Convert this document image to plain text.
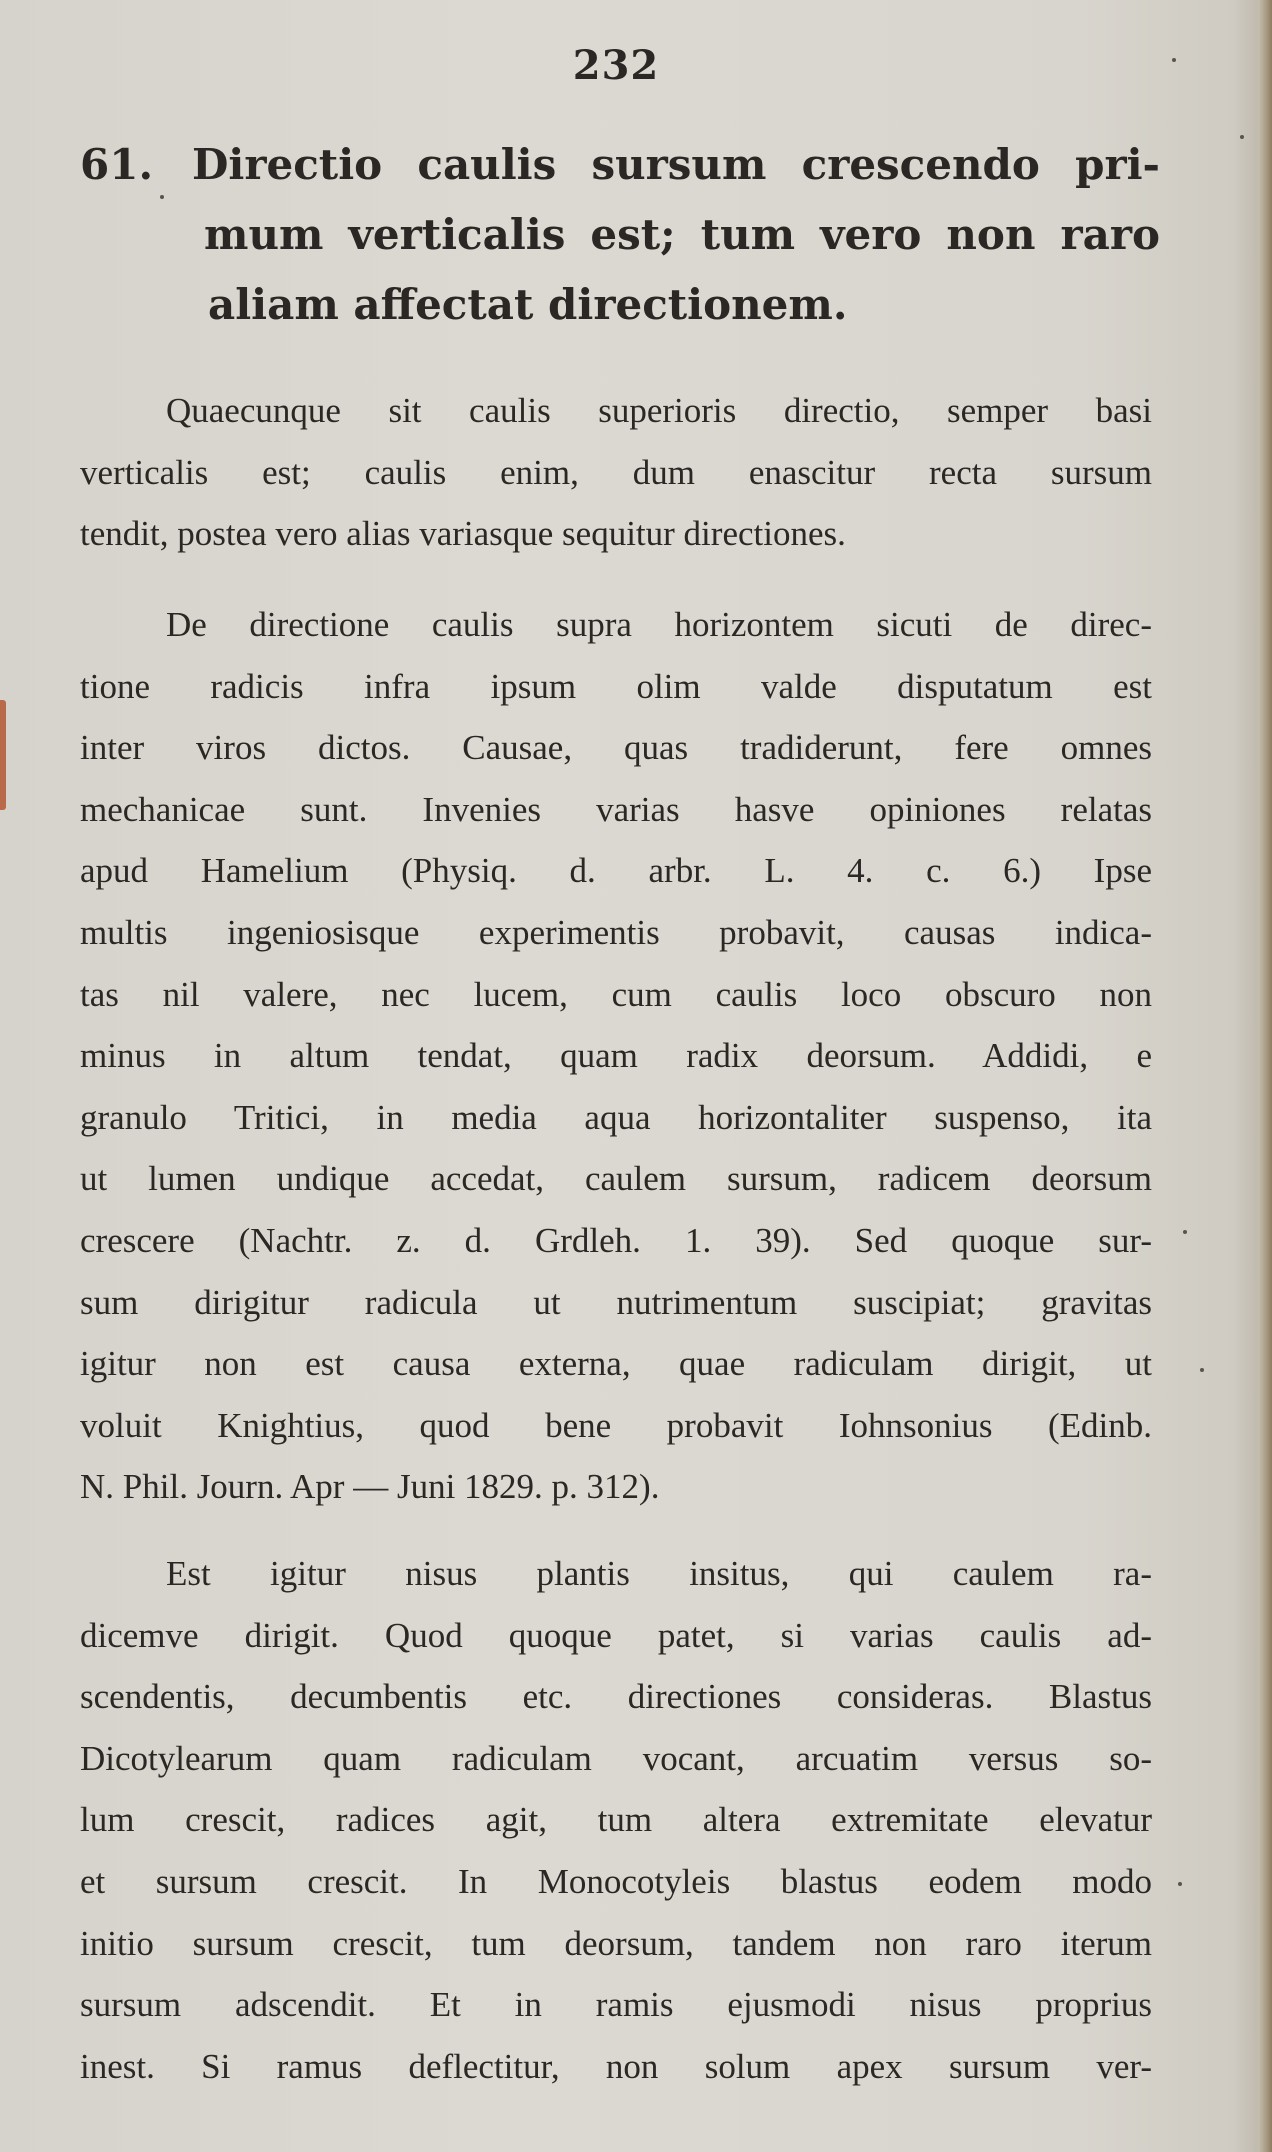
232
61. Directio caulis sursum crescendo pri-
mum verticalis est; tum vero non raro
aliam affectat directionem.
Quaecunque sit caulis superioris directio, semper basi
verticalis est; caulis enim, dum enascitur recta sursum
tendit, postea vero alias variasque sequitur directiones.
De directione caulis supra horizontem sicuti de direc-
tione radicis infra ipsum olim valde disputatum est
inter viros dictos. Causae, quas tradiderunt, fere omnes
mechanicae sunt. Invenies varias hasve opiniones relatas
apud Hamelium (Physiq. d. arbr. L. 4. c. 6.) Ipse
multis ingeniosisque experimentis probavit, causas indica-
tas nil valere, nec lucem, cum caulis loco obscuro non
minus in altum tendat, quam radix deorsum. Addidi, e
granulo Tritici, in media aqua horizontaliter suspenso, ita
ut lumen undique accedat, caulem sursum, radicem deorsum
crescere (Nachtr. z. d. Grdleh. 1. 39). Sed quoque sur-
sum dirigitur radicula ut nutrimentum suscipiat; gravitas
igitur non est causa externa, quae radiculam dirigit, ut
voluit Knightius, quod bene probavit Iohnsonius (Edinb.
N. Phil. Journ. Apr — Juni 1829. p. 312).
Est igitur nisus plantis insitus, qui caulem ra-
dicemve dirigit. Quod quoque patet, si varias caulis ad-
scendentis, decumbentis etc. directiones consideras. Blastus
Dicotylearum quam radiculam vocant, arcuatim versus so-
lum crescit, radices agit, tum altera extremitate elevatur
et sursum crescit. In Monocotyleis blastus eodem modo
initio sursum crescit, tum deorsum, tandem non raro iterum
sursum adscendit. Et in ramis ejusmodi nisus proprius
inest. Si ramus deflectitur, non solum apex sursum ver-
